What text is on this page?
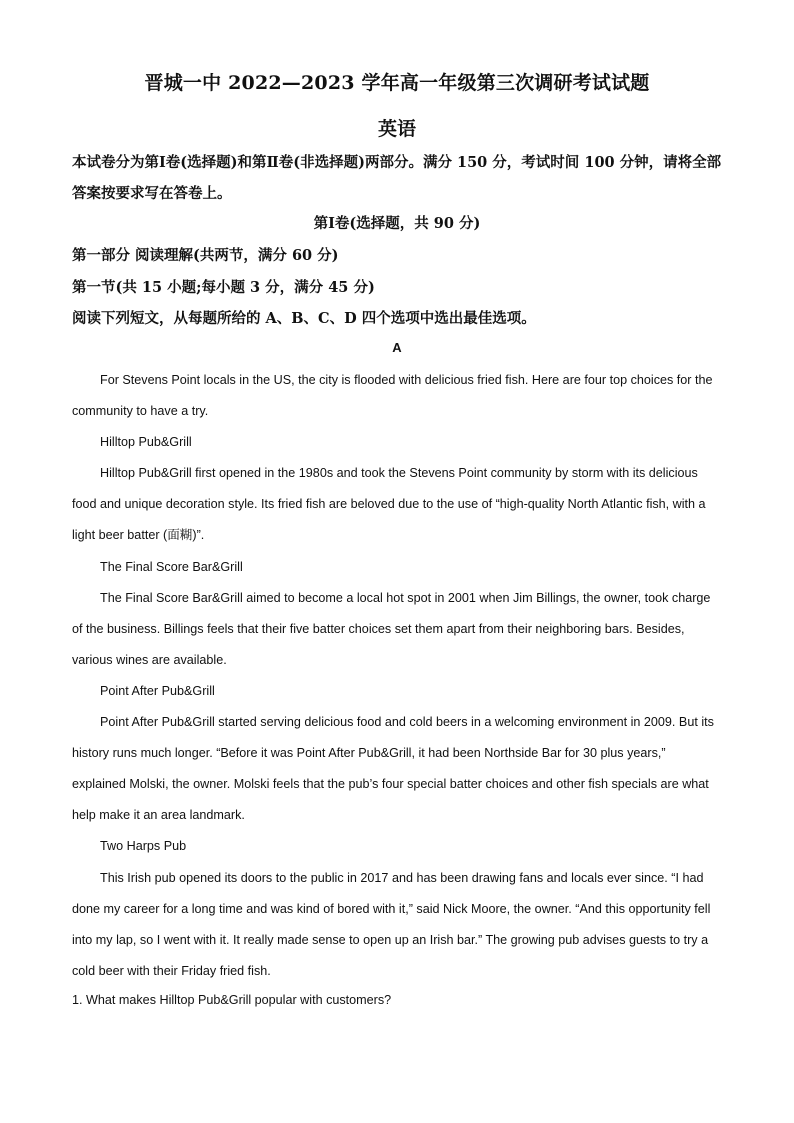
晋城一中 2022—2023 学年高一年级第三次调研考试试题
英语
本试卷分为第Ⅰ卷(选择题)和第Ⅱ卷(非选择题)两部分。满分 150 分，考试时间 100 分钟，请将全部答案按要求写在答卷上。
第Ⅰ卷(选择题，共 90 分)
第一部分 阅读理解(共两节，满分 60 分)
第一节(共 15 小题;每小题 3 分，满分 45 分)
阅读下列短文，从每题所给的 A、B、C、D 四个选项中选出最佳选项。
A

For Stevens Point locals in the US, the city is flooded with delicious fried fish. Here are four top choices for the community to have a try.

Hilltop Pub&Grill

Hilltop Pub&Grill first opened in the 1980s and took the Stevens Point community by storm with its delicious food and unique decoration style. Its fried fish are beloved due to the use of “high-quality North Atlantic fish, with a light beer batter (面糊)”.

The Final Score Bar&Grill

The Final Score Bar&Grill aimed to become a local hot spot in 2001 when Jim Billings, the owner, took charge of the business. Billings feels that their five batter choices set them apart from their neighboring bars. Besides, various wines are available.

Point After Pub&Grill

Point After Pub&Grill started serving delicious food and cold beers in a welcoming environment in 2009. But its history runs much longer. “Before it was Point After Pub&Grill, it had been Northside Bar for 30 plus years,” explained Molski, the owner. Molski feels that the pub’s four special batter choices and other fish specials are what help make it an area landmark.

Two Harps Pub

This Irish pub opened its doors to the public in 2017 and has been drawing fans and locals ever since. “I had done my career for a long time and was kind of bored with it,” said Nick Moore, the owner. “And this opportunity fell into my lap, so I went with it. It really made sense to open up an Irish bar.” The growing pub advises guests to try a cold beer with their Friday fried fish.

1. What makes Hilltop Pub&Grill popular with customers?
